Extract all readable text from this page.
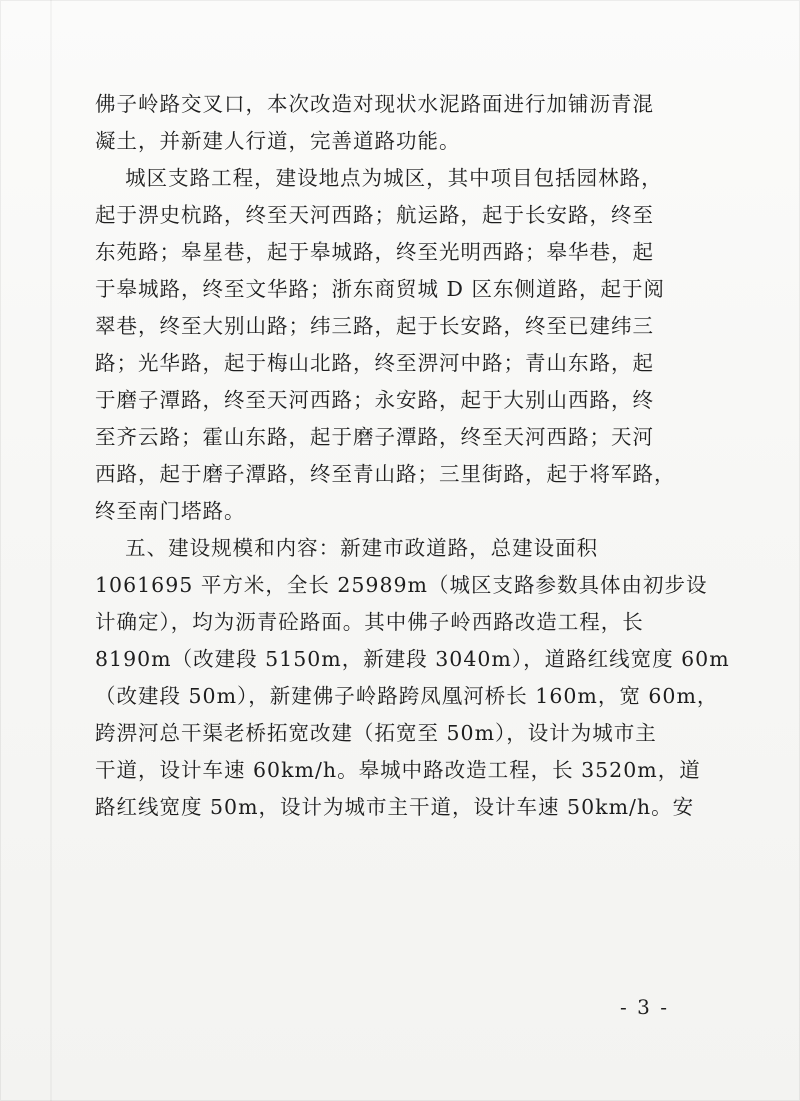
佛子岭路交叉口，本次改造对现状水泥路面进行加铺沥青混
凝土，并新建人行道，完善道路功能。
城区支路工程，建设地点为城区，其中项目包括园林路，
起于淠史杭路，终至天河西路；航运路，起于长安路，终至
东苑路；皋星巷，起于皋城路，终至光明西路；皋华巷，起
于皋城路，终至文华路；浙东商贸城 D 区东侧道路，起于阅
翠巷，终至大别山路；纬三路，起于长安路，终至已建纬三
路；光华路，起于梅山北路，终至淠河中路；青山东路，起
于磨子潭路，终至天河西路；永安路，起于大别山西路，终
至齐云路；霍山东路，起于磨子潭路，终至天河西路；天河
西路，起于磨子潭路，终至青山路；三里街路，起于将军路，
终至南门塔路。
五、建设规模和内容：新建市政道路，总建设面积
1061695 平方米，全长 25989m（城区支路参数具体由初步设
计确定），均为沥青砼路面。其中佛子岭西路改造工程，长
8190m（改建段 5150m，新建段 3040m），道路红线宽度 60m
（改建段 50m），新建佛子岭路跨凤凰河桥长 160m，宽 60m，
跨淠河总干渠老桥拓宽改建（拓宽至 50m），设计为城市主
干道，设计车速 60km/h。皋城中路改造工程，长 3520m，道
路红线宽度 50m，设计为城市主干道，设计车速 50km/h。安
- 3 -
